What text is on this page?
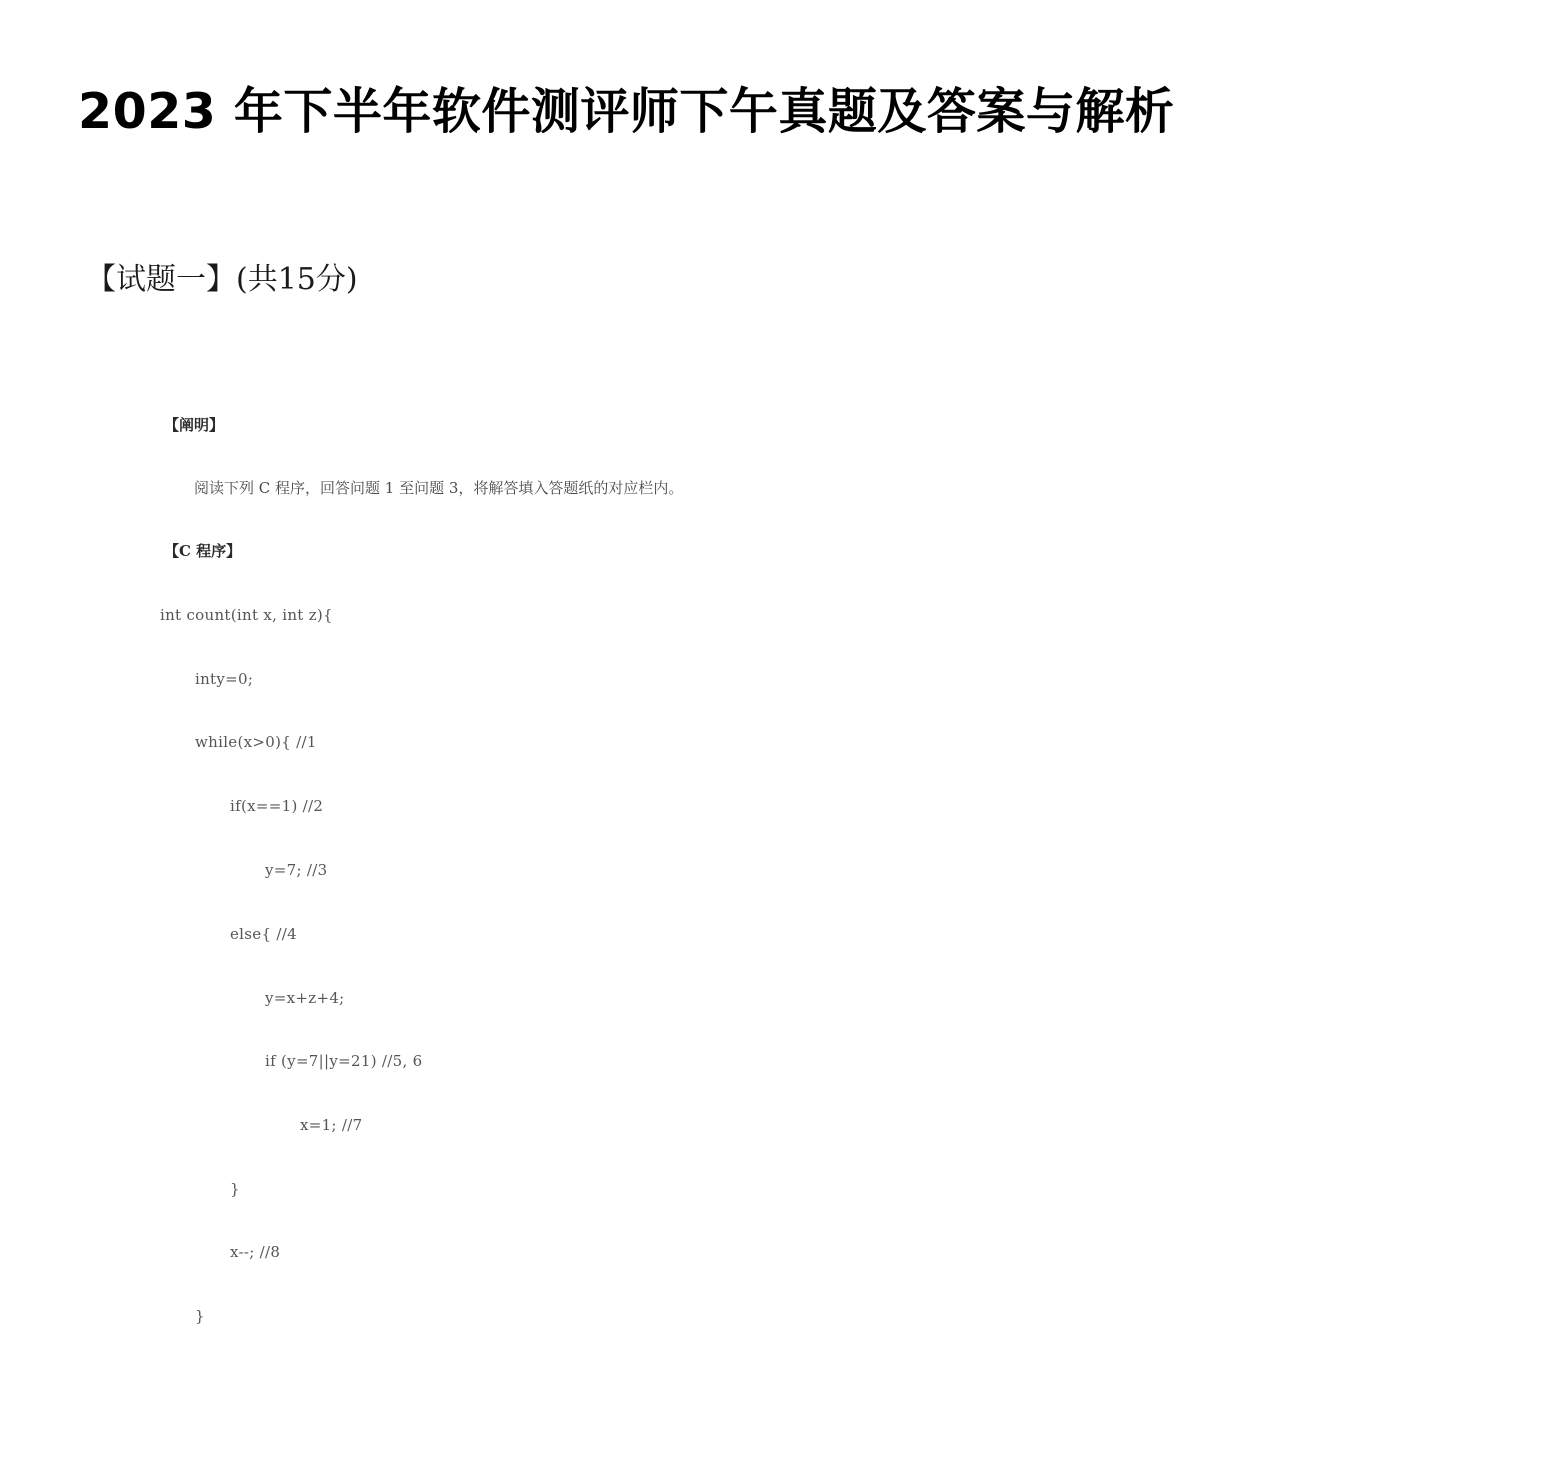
2023 年下半年软件测评师下午真题及答案与解析
【试题一】(共15分)
【阐明】
阅读下列 C 程序，回答问题 1 至问题 3，将解答填入答题纸的对应栏内。
【C 程序】
int count(int x, int z){
inty=0;
while(x>0){ //1
if(x==1) //2
y=7; //3
else{ //4
y=x+z+4;
if (y=7||y=21) //5, 6
x=1; //7
}
x--; //8
}
